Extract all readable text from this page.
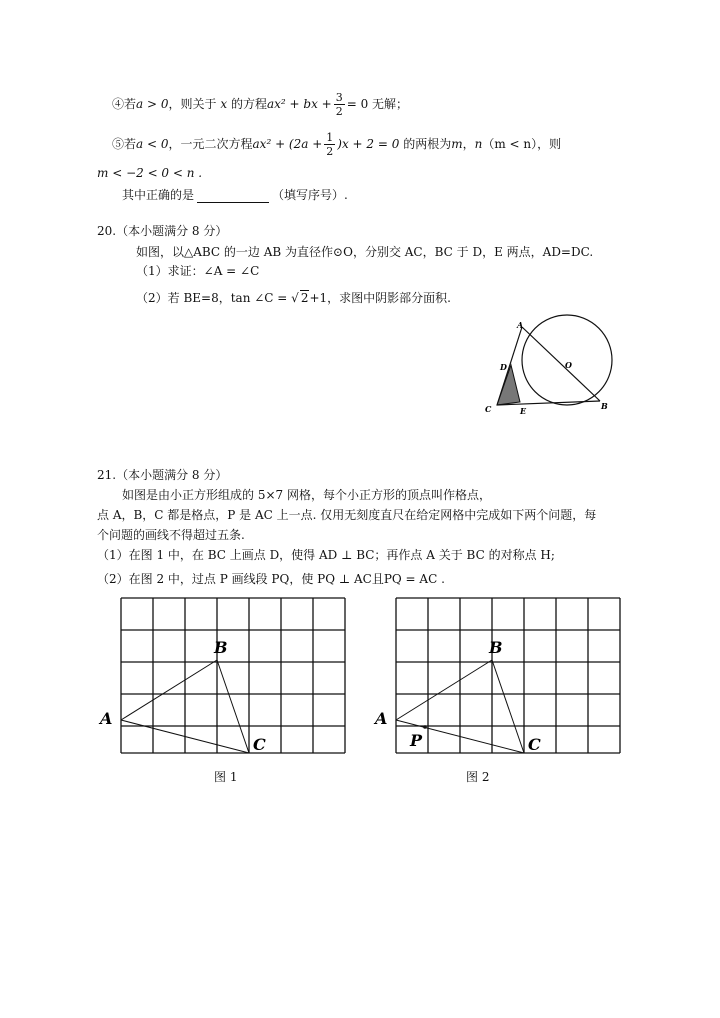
④若a > 0，则关于 x 的方程ax² + bx + $\frac{3}{2} = 0$ 无解；
⑤若a < 0，一元二次方程$ax^2 + (2a + \frac{1}{2} )x + 2 = 0$ 的两根为m，n（m < n），则
m < −2 < 0 < n .
其中正确的是	（填写序号）.
20.（本小题满分 8 分）
如图，以△ABC 的一边 AB 为直径作⊙O，分别交 AC，BC 于 D，E 两点，AD=DC.
（1）求证：∠A = ∠C
（2）若 BE=8，tan ∠C = √ 2+1，求图中阴影部分面积.
A
O
D
C	E	B
21.（本小题满分 8 分）
如图是由小正方形组成的 5×7 网格，每个小正方形的顶点叫作格点，
点 A，B，C 都是格点，P 是 AC 上一点. 仅用无刻度直尺在给定网格中完成如下两个问题，每
个问题的画线不得超过五条.
（1）在图 1 中，在 BC 上画点 D，使得 AD ⊥ BC；再作点 A 关于 BC 的对称点 H;
（2）在图 2 中，过点 P 画线段 PQ，使 PQ ⊥ AC且PQ = AC .
A
B
C
A
B
C
P
图 1	图 2
